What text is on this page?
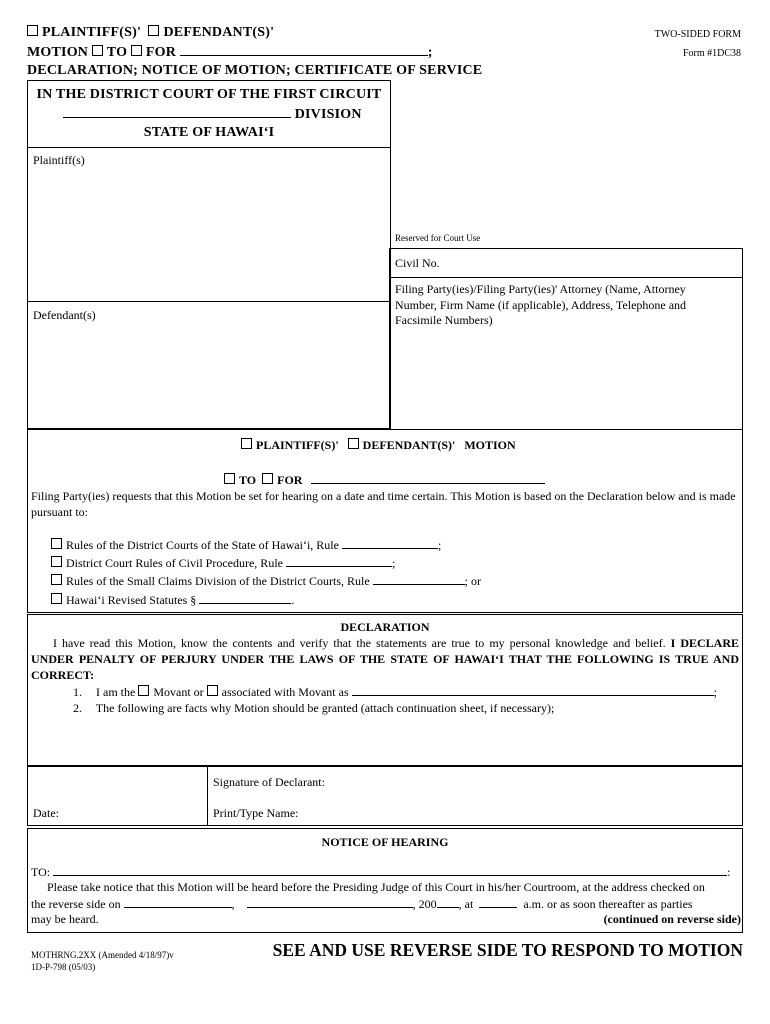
PLAINTIFF(S)' DEFENDANT(S)'
MOTION TO FOR	;
DECLARATION; NOTICE OF MOTION; CERTIFICATE OF SERVICE
TWO-SIDED FORM
Form #1DC38
IN THE DISTRICT COURT OF THE FIRST CIRCUIT
DIVISION
STATE OF HAWAI‘I
Plaintiff(s)
Defendant(s)
Reserved for Court Use
Civil No.
Filing Party(ies)/Filing Party(ies)' Attorney (Name, Attorney Number, Firm Name (if applicable), Address, Telephone and Facsimile Numbers)
PLAINTIFF(S)' DEFENDANT(S)' MOTION
TO FOR
Filing Party(ies) requests that this Motion be set for hearing on a date and time certain. This Motion is based on the Declaration below and is made pursuant to:
Rules of the District Courts of the State of Hawai‘i, Rule	;
District Court Rules of Civil Procedure, Rule	;
Rules of the Small Claims Division of the District Courts, Rule	; or
Hawai‘i Revised Statutes §	.
DECLARATION
I have read this Motion, know the contents and verify that the statements are true to my personal knowledge and belief. I DECLARE UNDER PENALTY OF PERJURY UNDER THE LAWS OF THE STATE OF HAWAI‘I THAT THE FOLLOWING IS TRUE AND CORRECT:
1. I am the Movant or associated with Movant as	;
2. The following are facts why Motion should be granted (attach continuation sheet, if necessary);
Signature of Declarant:
Date:	Print/Type Name:
NOTICE OF HEARING
TO:	:
Please take notice that this Motion will be heard before the Presiding Judge of this Court in his/her Courtroom, at the address checked on
the reverse side on	,	, 200 , at	a.m. or as soon thereafter as parties
may be heard.	(continued on reverse side)
MOTHRNG.2XX (Amended 4/18/97)v
1D-P-798 (05/03)
SEE AND USE REVERSE SIDE TO RESPOND TO MOTION
